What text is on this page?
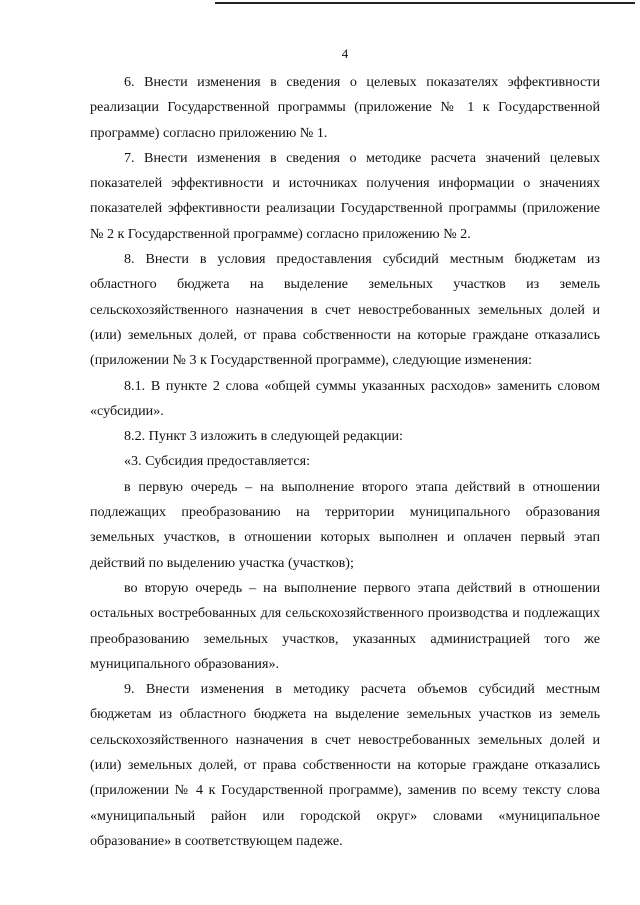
4

6. Внести изменения в сведения о целевых показателях эффективности реализации Государственной программы (приложение № 1 к Государственной программе) согласно приложению № 1.

7. Внести изменения в сведения о методике расчета значений целевых показателей эффективности и источниках получения информации о значениях показателей эффективности реализации Государственной программы (приложение № 2 к Государственной программе) согласно приложению № 2.

8. Внести в условия предоставления субсидий местным бюджетам из областного бюджета на выделение земельных участков из земель сельскохозяйственного назначения в счет невостребованных земельных долей и (или) земельных долей, от права собственности на которые граждане отказались (приложении № 3 к Государственной программе), следующие изменения:

8.1. В пункте 2 слова «общей суммы указанных расходов» заменить словом «субсидии».

8.2. Пункт 3 изложить в следующей редакции:

«3. Субсидия предоставляется:

в первую очередь – на выполнение второго этапа действий в отношении подлежащих преобразованию на территории муниципального образования земельных участков, в отношении которых выполнен и оплачен первый этап действий по выделению участка (участков);

во вторую очередь – на выполнение первого этапа действий в отношении остальных востребованных для сельскохозяйственного производства и подлежащих преобразованию земельных участков, указанных администрацией того же муниципального образования».

9. Внести изменения в методику расчета объемов субсидий местным бюджетам из областного бюджета на выделение земельных участков из земель сельскохозяйственного назначения в счет невостребованных земельных долей и (или) земельных долей, от права собственности на которые граждане отказались (приложении № 4 к Государственной программе), заменив по всему тексту слова «муниципальный район или городской округ» словами «муниципальное образование» в соответствующем падеже.
